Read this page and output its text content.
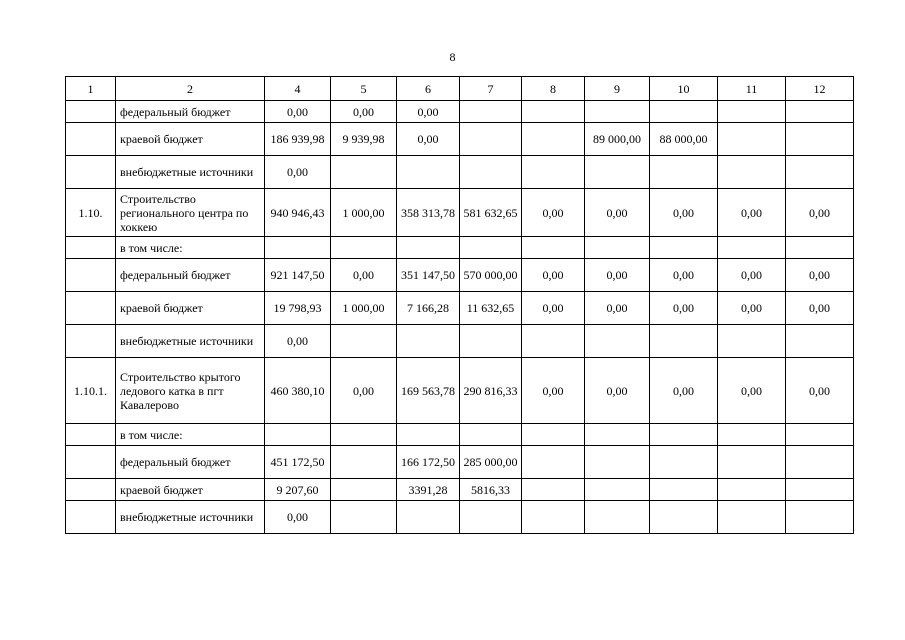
8
1	2	4	5	6	7	8	9	10	11	12

	федеральный бюджет	0,00	0,00	0,00						

	краевой бюджет	186 939,98	9 939,98	0,00			89 000,00	88 000,00		

	внебюджетные источники	0,00								

1.10.	Строительство регионального центра по хоккею	940 946,43	1 000,00	358 313,78	581 632,65	0,00	0,00	0,00	0,00	0,00

	в том числе:									

	федеральный бюджет	921 147,50	0,00	351 147,50	570 000,00	0,00	0,00	0,00	0,00	0,00

	краевой бюджет	19 798,93	1 000,00	7 166,28	11 632,65	0,00	0,00	0,00	0,00	0,00

	внебюджетные источники	0,00								

1.10.1.	Строительство крытого ледового катка в пгт Кавалерово	460 380,10	0,00	169 563,78	290 816,33	0,00	0,00	0,00	0,00	0,00

	в том числе:									

	федеральный бюджет	451 172,50		166 172,50	285 000,00					

	краевой бюджет	9 207,60		3391,28	5816,33					

	внебюджетные источники	0,00								
